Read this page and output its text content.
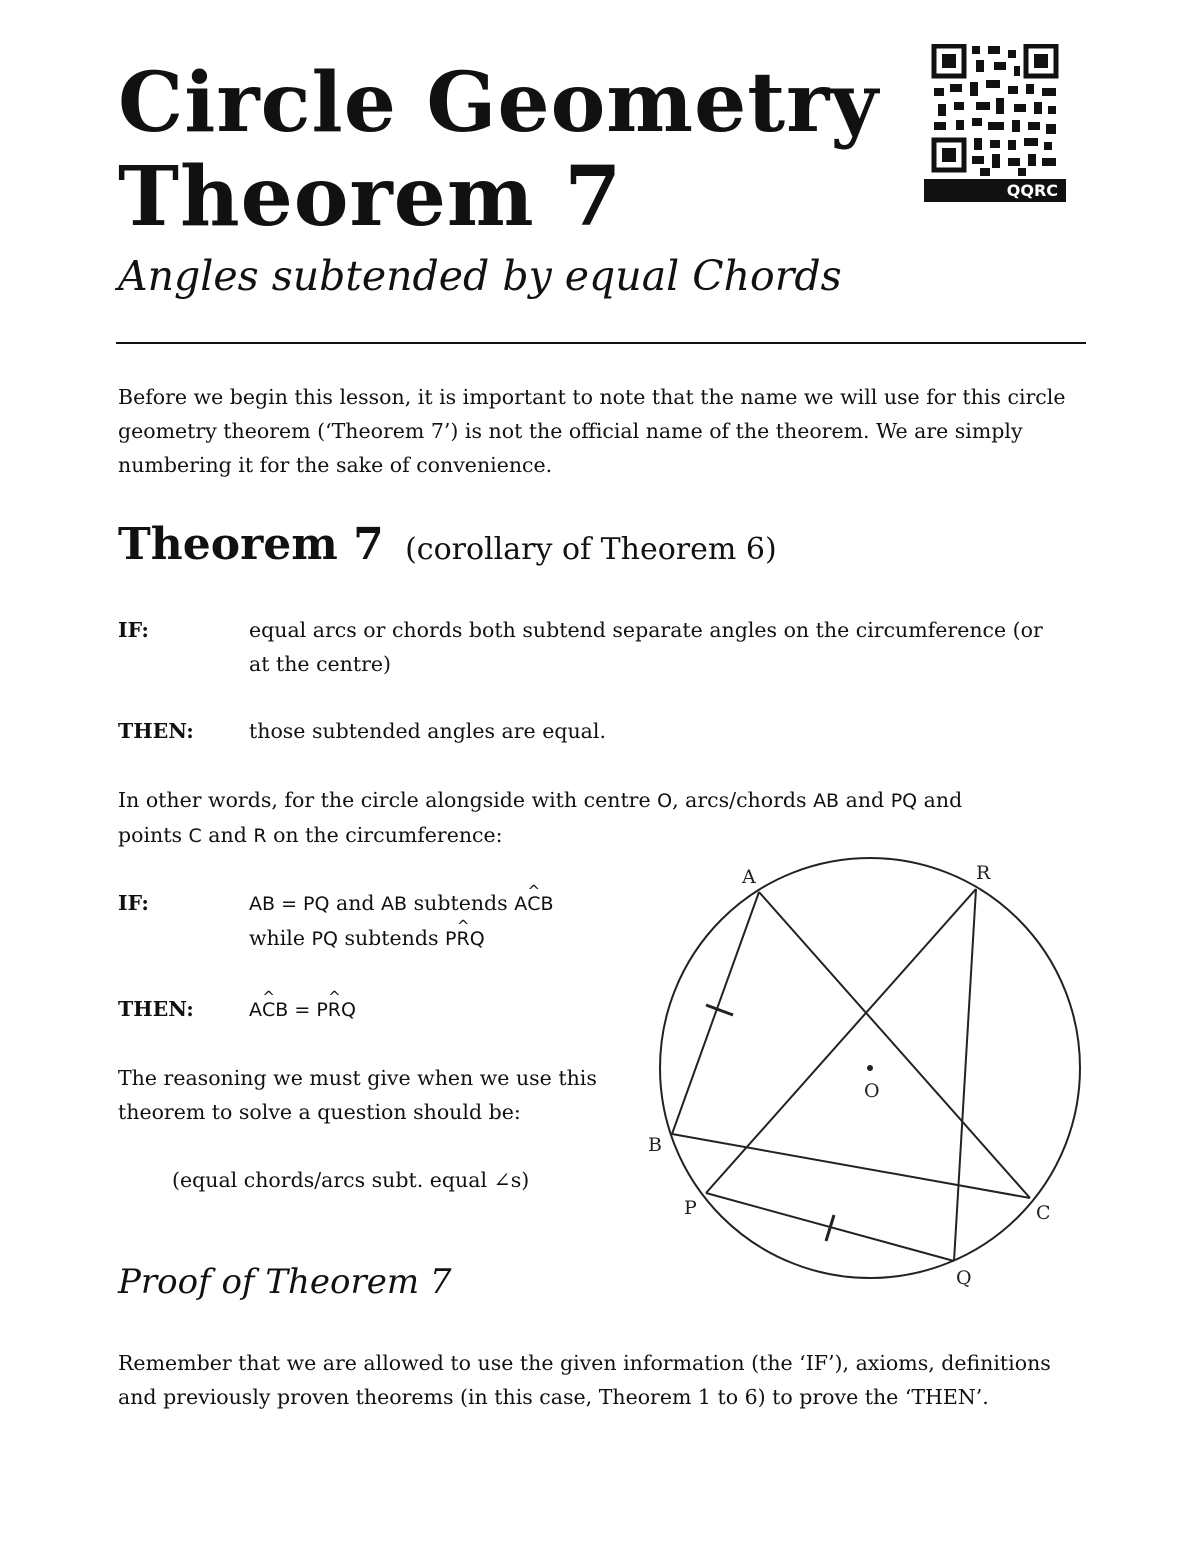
Circle Geometry
Theorem 7
Angles subtended by equal Chords
QQRC
Before we begin this lesson, it is important to note that the name we will use for this circle geometry theorem (‘Theorem 7’) is not the official name of the theorem. We are simply numbering it for the sake of convenience.
Theorem 7 (corollary of Theorem 6)
IF:	equal arcs or chords both subtend separate angles on the circumference (or at the centre)
THEN:	those subtended angles are equal.
In other words, for the circle alongside with centre O, arcs/chords AB and PQ and
points C and R on the circumference:
IF:	AB = PQ and AB subtends A^ CB
while PQ subtends P^ RQ
THEN:	A^ CB = P^ RQ
The reasoning we must give when we use this theorem to solve a question should be:
(equal chords/arcs subt. equal ∠s)
Proof of Theorem 7
Remember that we are allowed to use the given information (the ‘IF’), axioms, definitions and previously proven theorems (in this case, Theorem 1 to 6) to prove the ‘THEN’.
A	R
B
P	C
Q
O
